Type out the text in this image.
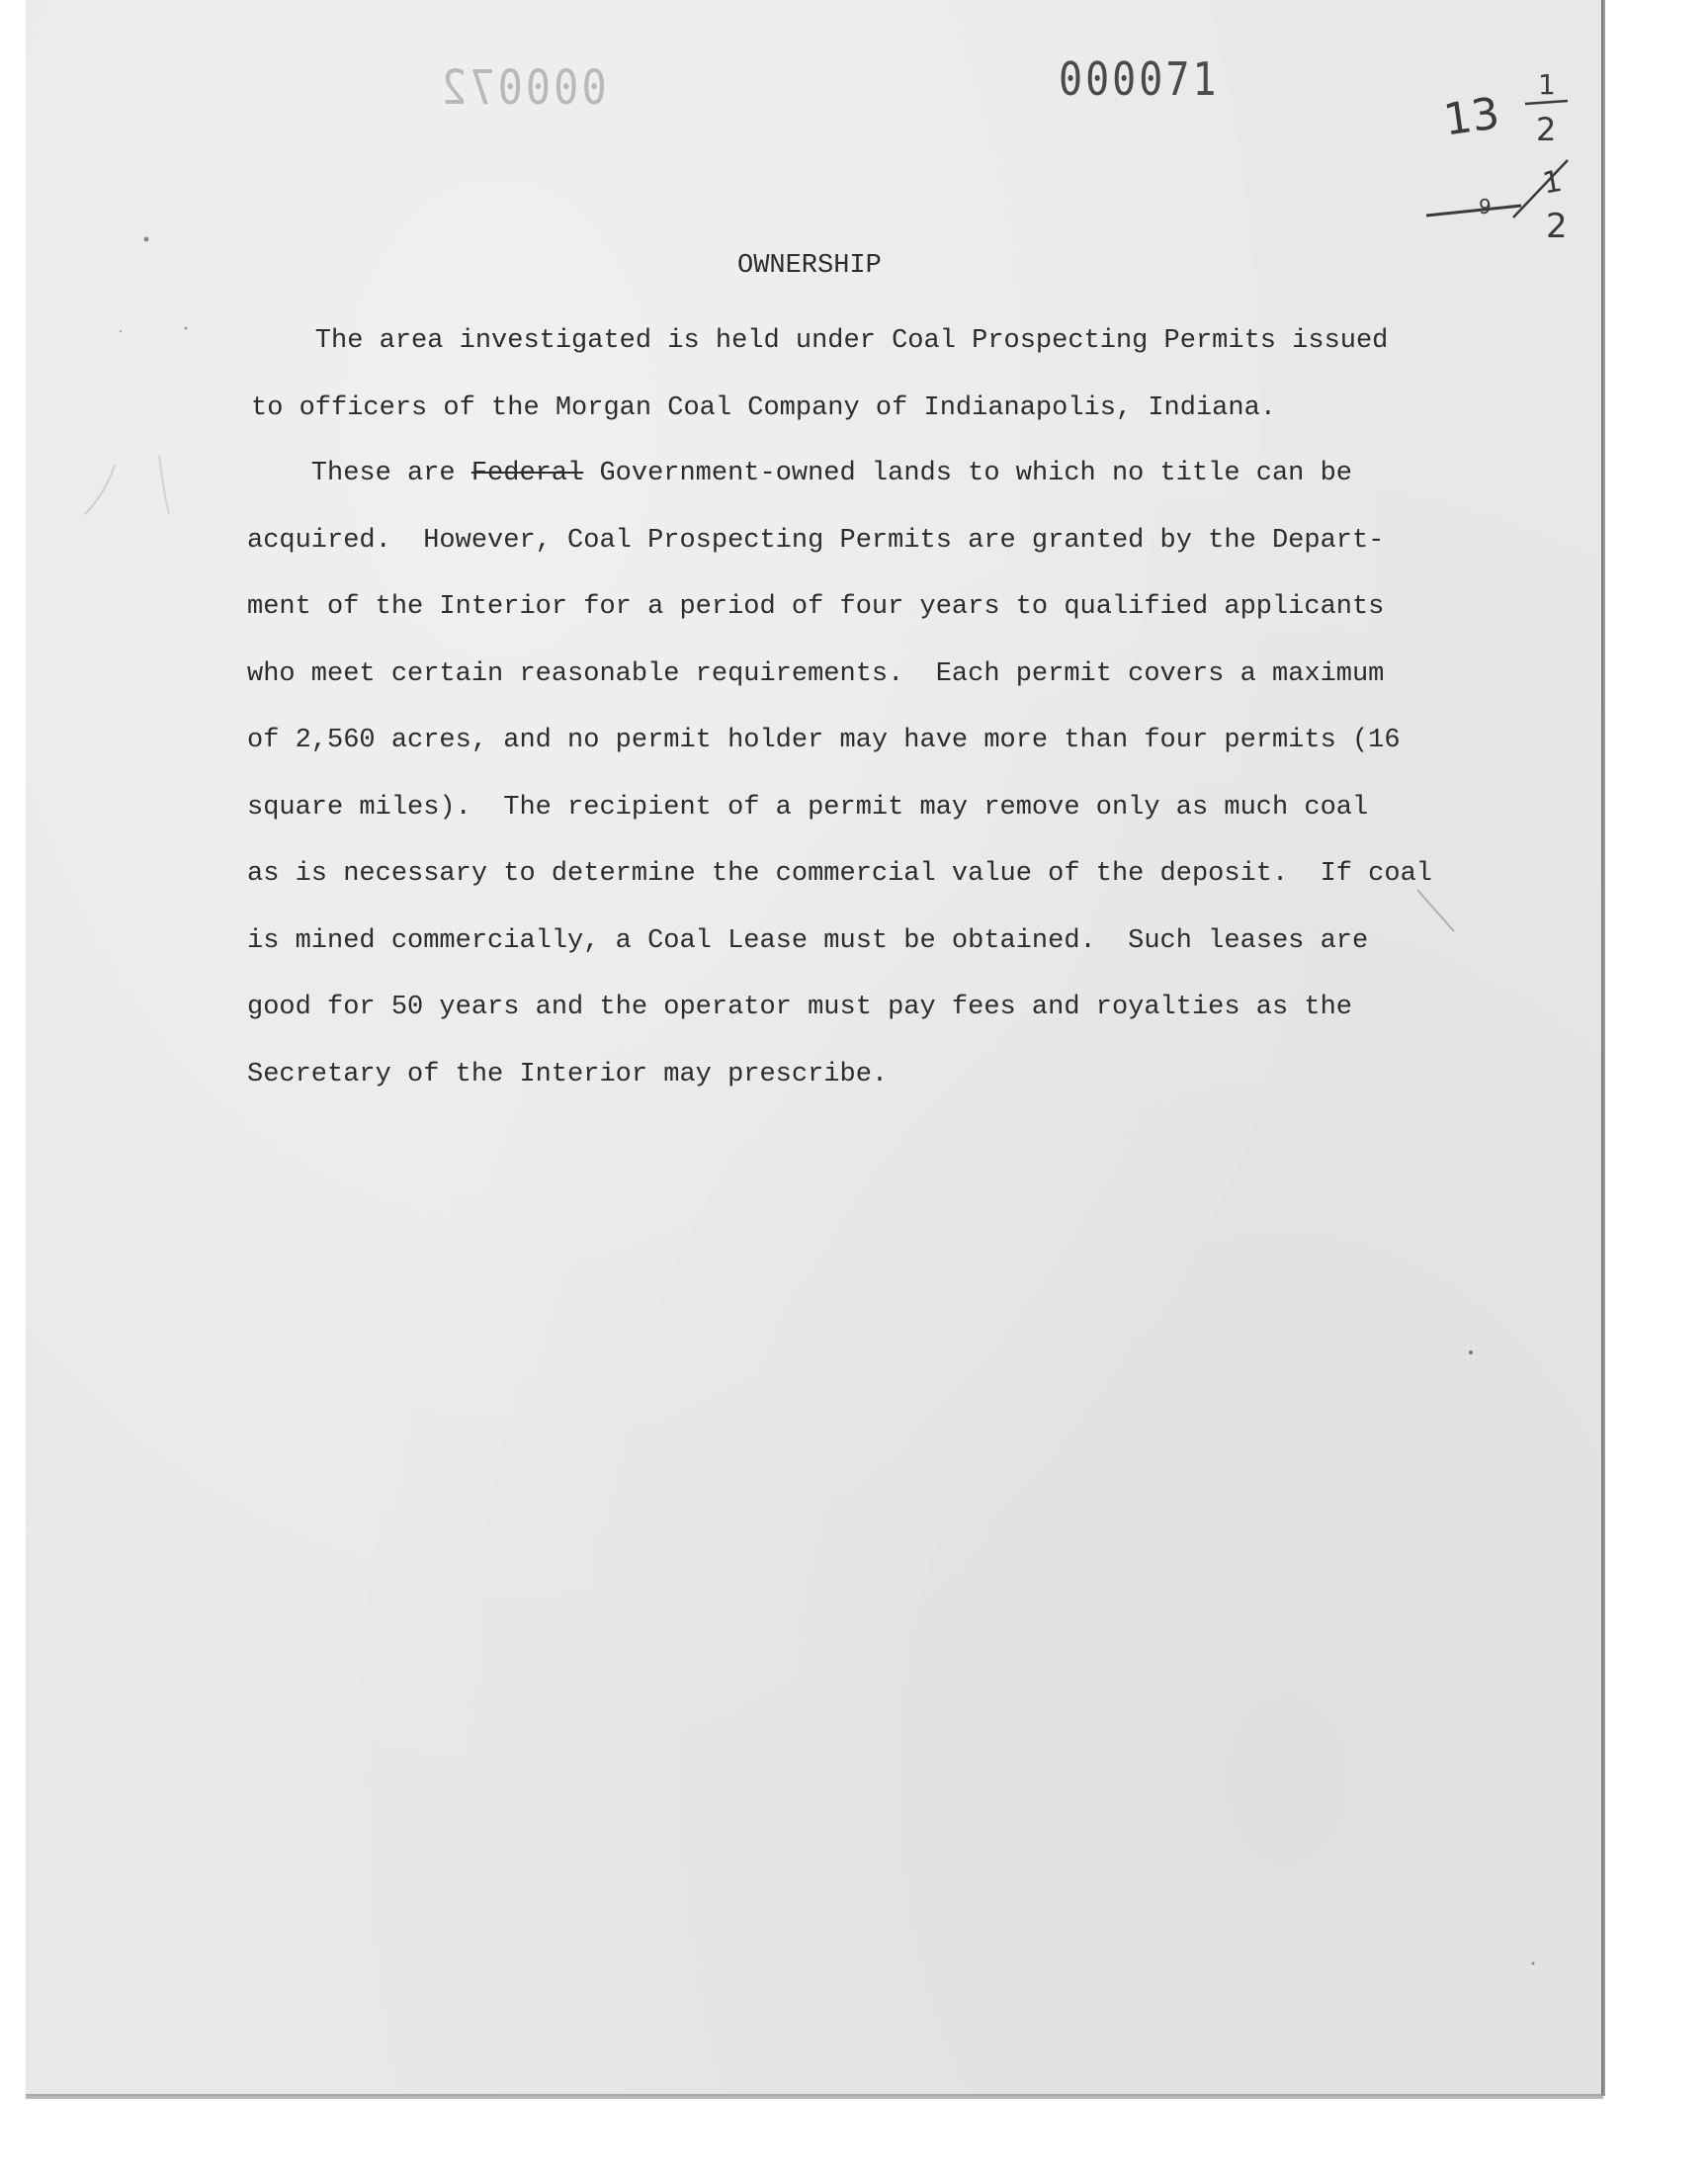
000072	000071
13
1
2
9
1
2
OWNERSHIP
The area investigated is held under Coal Prospecting Permits issued
to officers of the Morgan Coal Company of Indianapolis, Indiana.
These are Federal Government-owned lands to which no title can be
acquired.  However, Coal Prospecting Permits are granted by the Depart-
ment of the Interior for a period of four years to qualified applicants
who meet certain reasonable requirements.  Each permit covers a maximum
of 2,560 acres, and no permit holder may have more than four permits (16
square miles).  The recipient of a permit may remove only as much coal
as is necessary to determine the commercial value of the deposit.  If coal
is mined commercially, a Coal Lease must be obtained.  Such leases are
good for 50 years and the operator must pay fees and royalties as the
Secretary of the Interior may prescribe.
